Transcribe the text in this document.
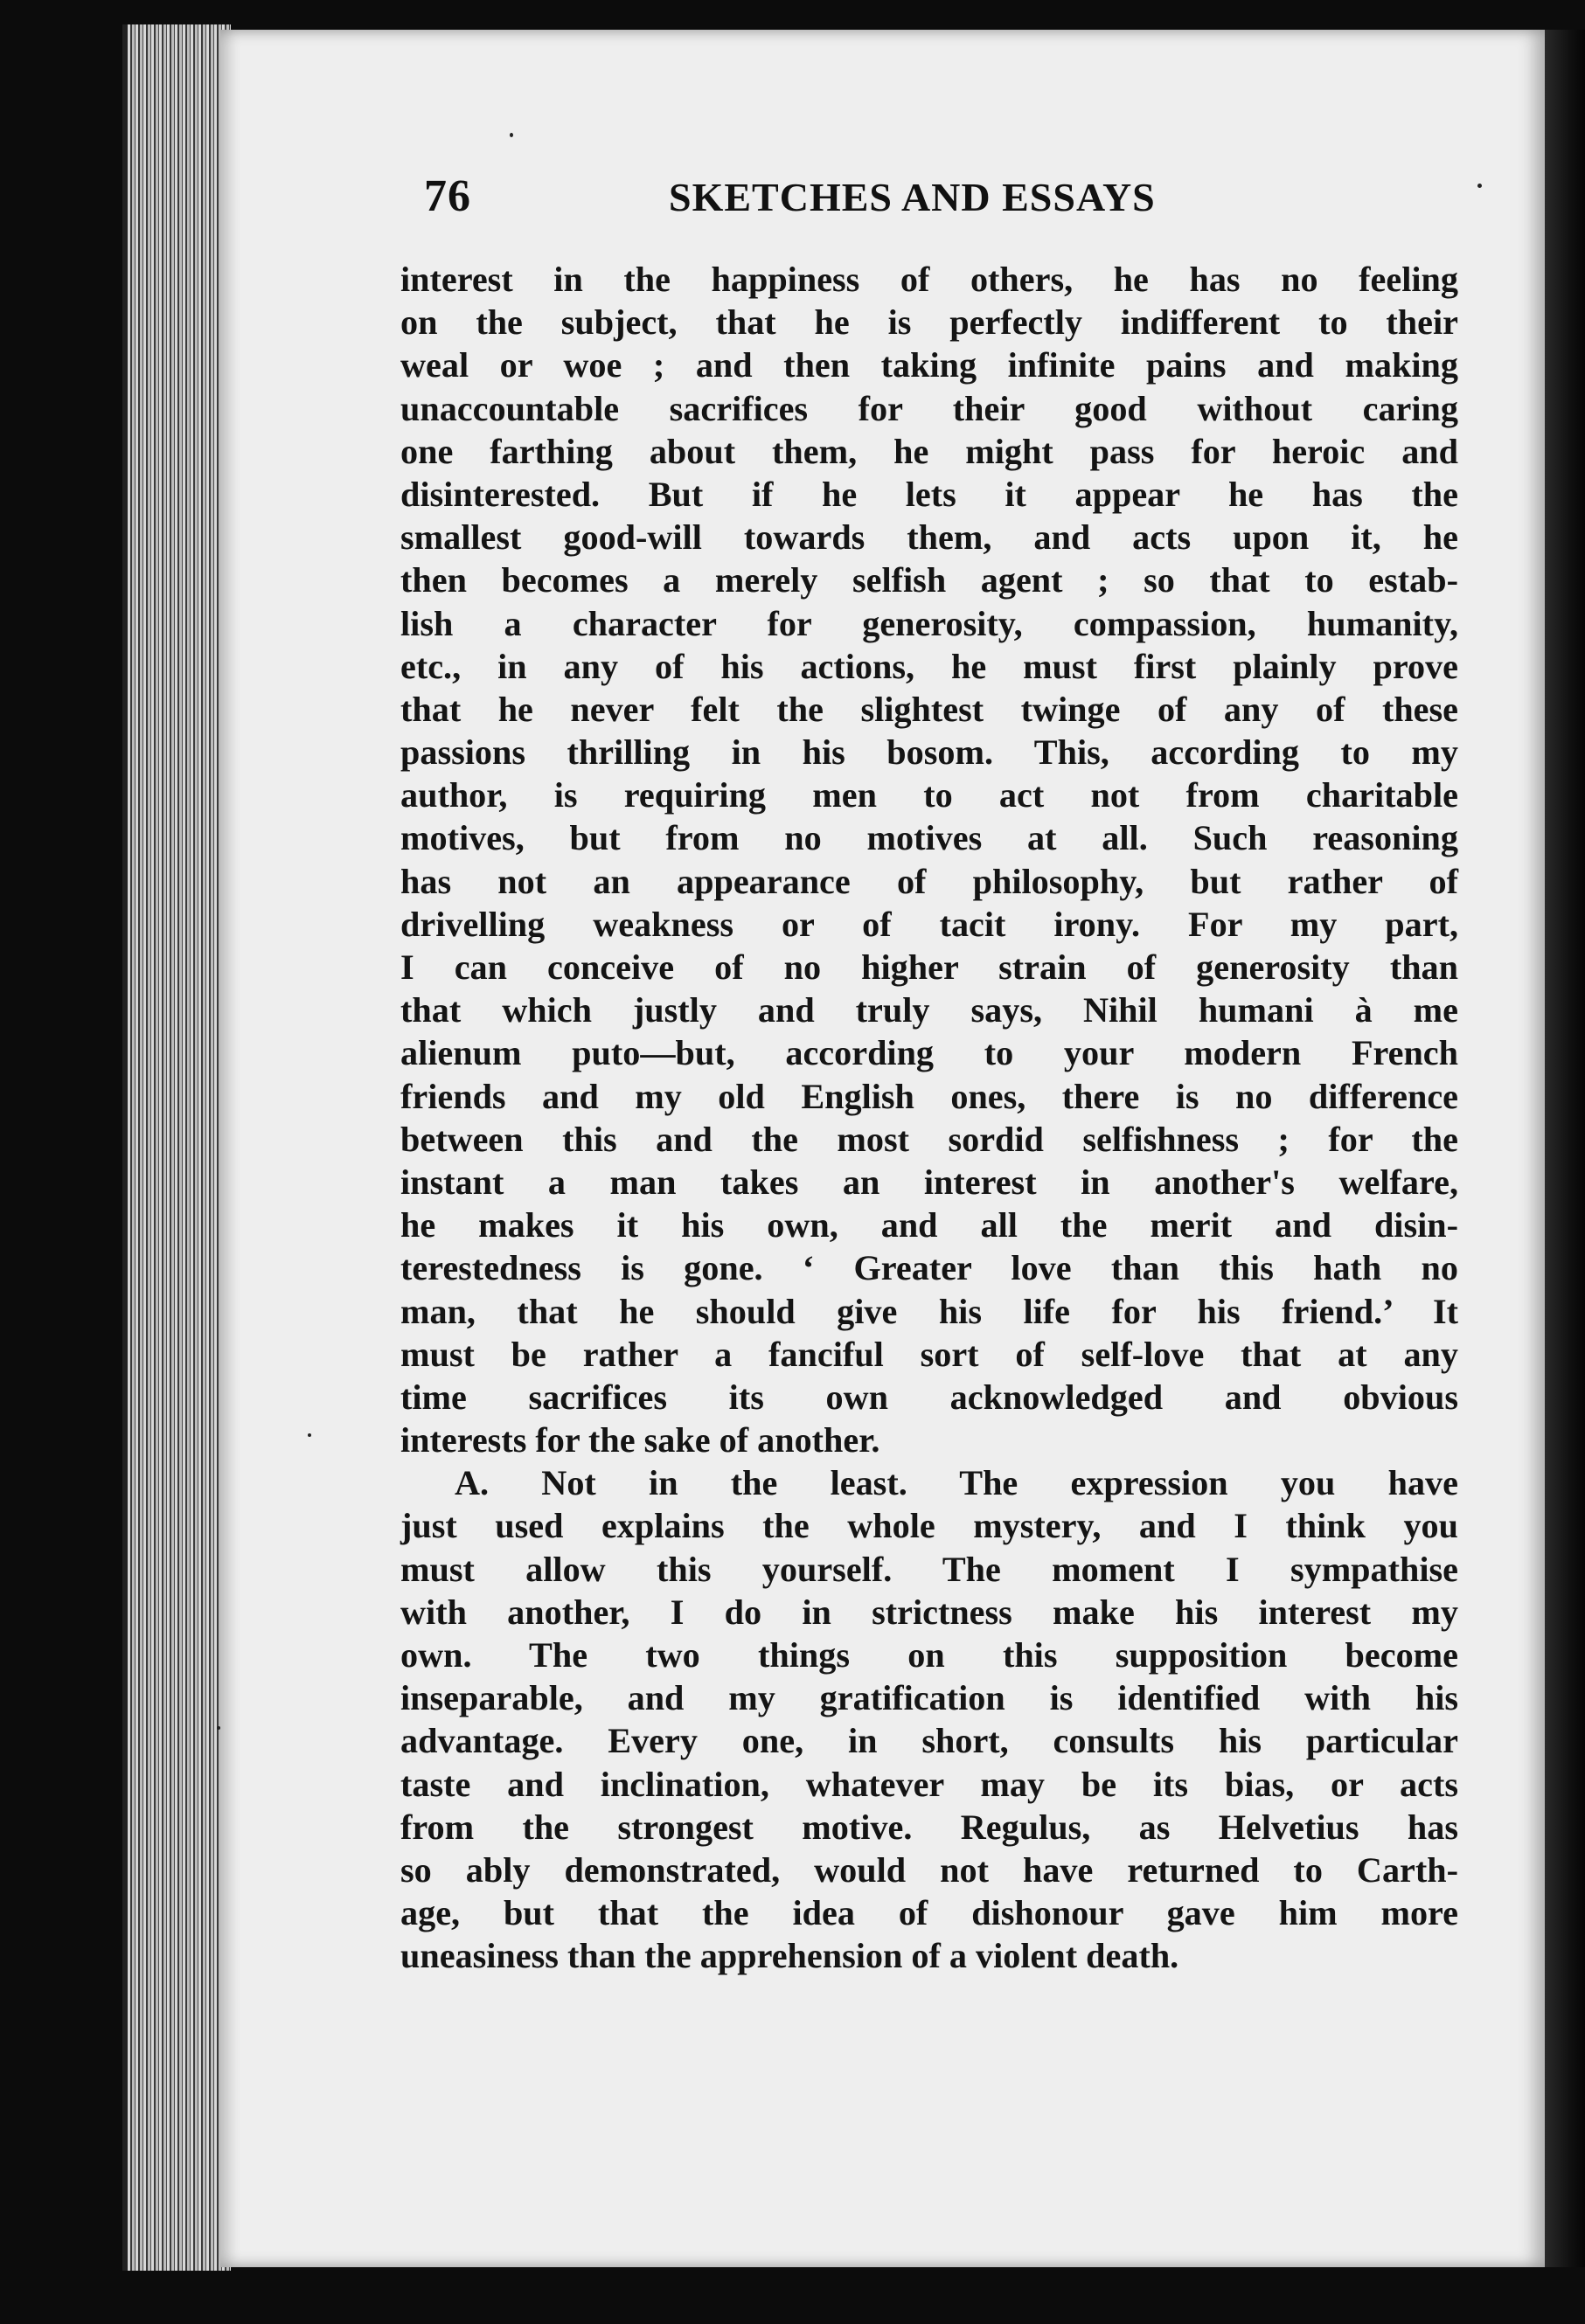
76	SKETCHES AND ESSAYS
interest in the happiness of others, he has no feeling
on the subject, that he is perfectly indifferent to their
weal or woe ; and then taking infinite pains and making
unaccountable sacrifices for their good without caring
one farthing about them, he might pass for heroic and
disinterested. But if he lets it appear he has the
smallest good-will towards them, and acts upon it, he
then becomes a merely selfish agent ; so that to estab-
lish a character for generosity, compassion, humanity,
etc., in any of his actions, he must first plainly prove
that he never felt the slightest twinge of any of these
passions thrilling in his bosom. This, according to my
author, is requiring men to act not from charitable
motives, but from no motives at all. Such reasoning
has not an appearance of philosophy, but rather of
drivelling weakness or of tacit irony. For my part,
I can conceive of no higher strain of generosity than
that which justly and truly says, Nihil humani à me
alienum puto—but, according to your modern French
friends and my old English ones, there is no difference
between this and the most sordid selfishness ; for the
instant a man takes an interest in another's welfare,
he makes it his own, and all the merit and disin-
terestedness is gone. ‘ Greater love than this hath no
man, that he should give his life for his friend.’ It
must be rather a fanciful sort of self-love that at any
time sacrifices its own acknowledged and obvious
interests for the sake of another.
A. Not in the least. The expression you have
just used explains the whole mystery, and I think you
must allow this yourself. The moment I sympathise
with another, I do in strictness make his interest my
own. The two things on this supposition become
inseparable, and my gratification is identified with his
advantage. Every one, in short, consults his particular
taste and inclination, whatever may be its bias, or acts
from the strongest motive. Regulus, as Helvetius has
so ably demonstrated, would not have returned to Carth-
age, but that the idea of dishonour gave him more
uneasiness than the apprehension of a violent death.
